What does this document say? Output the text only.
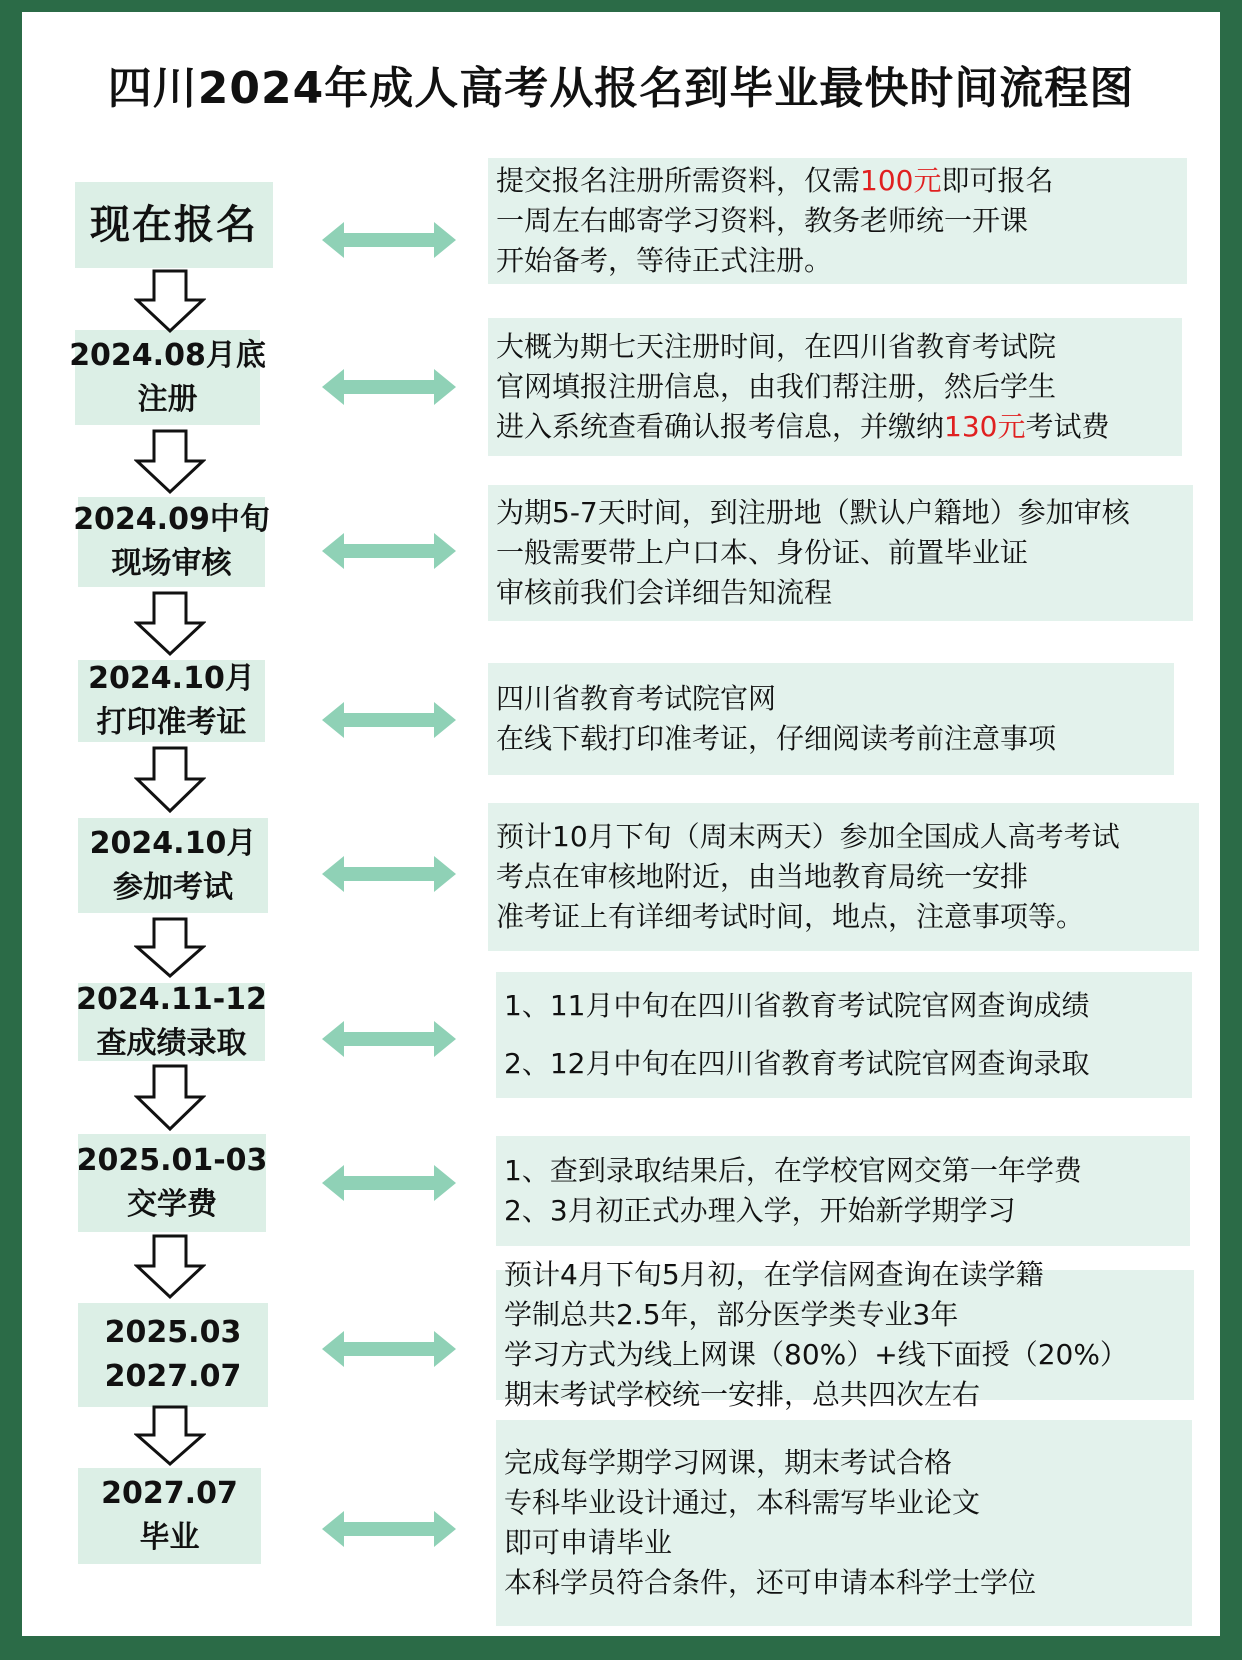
四川2024年成人高考从报名到毕业最快时间流程图
现在报名
提交报名注册所需资料，仅需100元即可报名
一周左右邮寄学习资料，教务老师统一开课
开始备考，等待正式注册。
2024.08月底
注册
大概为期七天注册时间，在四川省教育考试院
官网填报注册信息，由我们帮注册，然后学生
进入系统查看确认报考信息，并缴纳130元考试费
2024.09中旬
现场审核
为期5-7天时间，到注册地（默认户籍地）参加审核
一般需要带上户口本、身份证、前置毕业证
审核前我们会详细告知流程
2024.10月
打印准考证
四川省教育考试院官网
在线下载打印准考证，仔细阅读考前注意事项
2024.10月
参加考试
预计10月下旬（周末两天）参加全国成人高考考试
考点在审核地附近，由当地教育局统一安排
准考证上有详细考试时间，地点，注意事项等。
2024.11-12
查成绩录取
1、11月中旬在四川省教育考试院官网查询成绩
2、12月中旬在四川省教育考试院官网查询录取
2025.01-03
交学费
1、查到录取结果后，在学校官网交第一年学费
2、3月初正式办理入学，开始新学期学习
2025.03
2027.07
预计4月下旬5月初，在学信网查询在读学籍
学制总共2.5年，部分医学类专业3年
学习方式为线上网课（80%）+线下面授（20%）
期末考试学校统一安排，总共四次左右
2027.07
毕业
完成每学期学习网课，期末考试合格
专科毕业设计通过，本科需写毕业论文
即可申请毕业
本科学员符合条件，还可申请本科学士学位
